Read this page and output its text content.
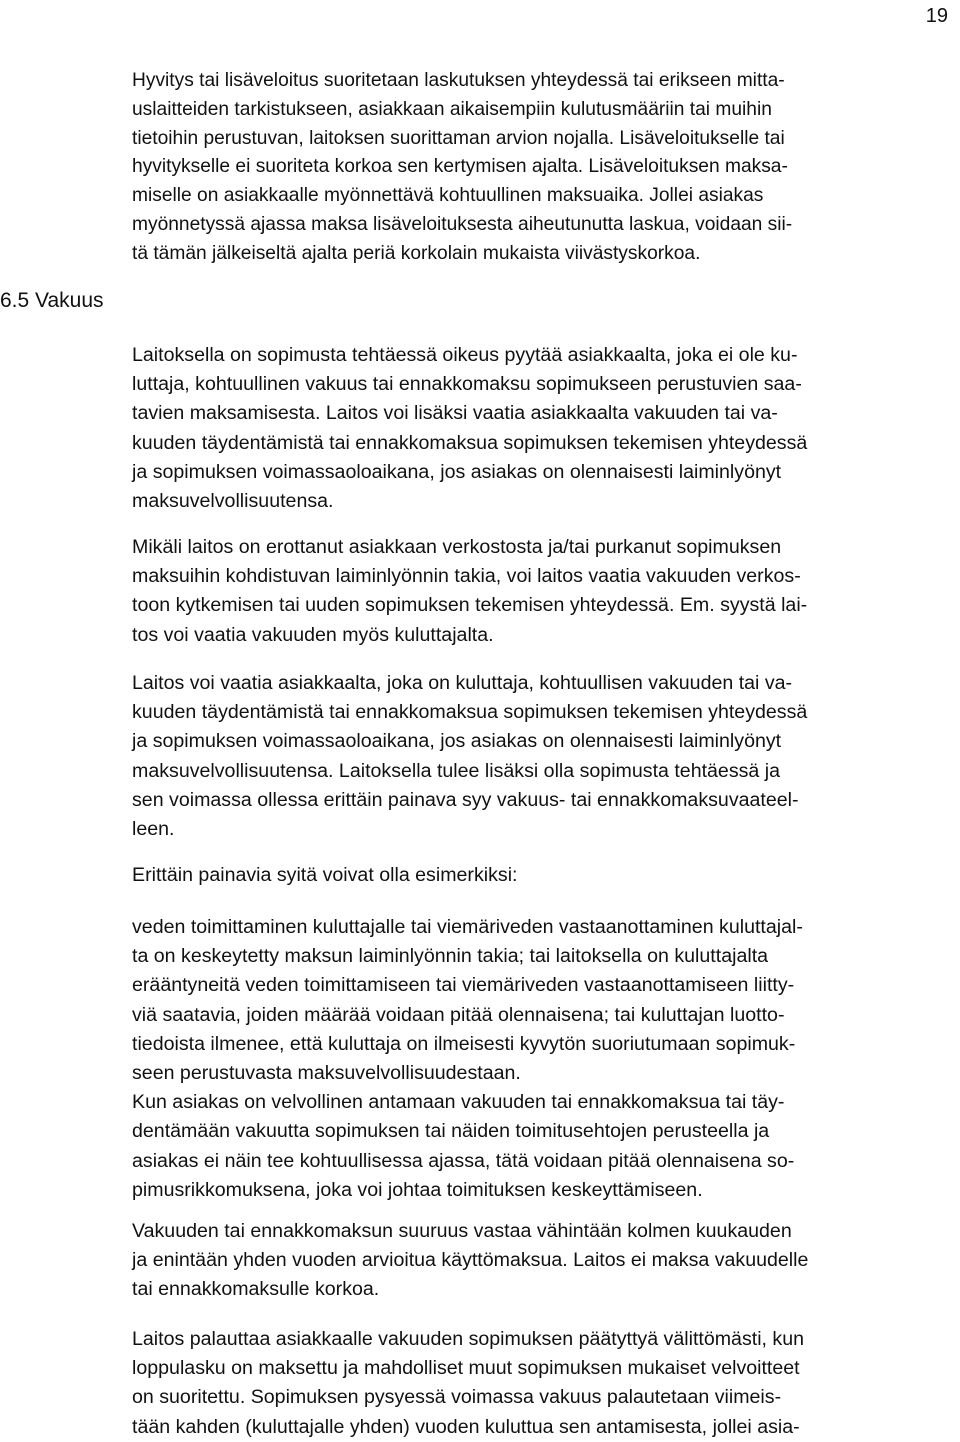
19
6.5 Vakuus
Hyvitys tai lisäveloitus suoritetaan laskutuksen yhteydessä tai erikseen mitta-
uslaitteiden tarkistukseen, asiakkaan aikaisempiin kulutusmääriin tai muihin
tietoihin perustuvan, laitoksen suorittaman arvion nojalla. Lisäveloitukselle tai
hyvitykselle ei suoriteta korkoa sen kertymisen ajalta. Lisäveloituksen maksa-
miselle on asiakkaalle myönnettävä kohtuullinen maksuaika. Jollei asiakas
myönnetyssä ajassa maksa lisäveloituksesta aiheutunutta laskua, voidaan sii-
tä tämän jälkeiseltä ajalta periä korkolain mukaista viivästyskorkoa.
Laitoksella on sopimusta tehtäessä oikeus pyytää asiakkaalta, joka ei ole ku-
luttaja, kohtuullinen vakuus tai ennakkomaksu sopimukseen perustuvien saa-
tavien maksamisesta. Laitos voi lisäksi vaatia asiakkaalta vakuuden tai va-
kuuden täydentämistä tai ennakkomaksua sopimuksen tekemisen yhteydessä
ja sopimuksen voimassaoloaikana, jos asiakas on olennaisesti laiminlyönyt
maksuvelvollisuutensa.
Mikäli laitos on erottanut asiakkaan verkostosta ja/tai purkanut sopimuksen
maksuihin kohdistuvan laiminlyönnin takia, voi laitos vaatia vakuuden verkos-
toon kytkemisen tai uuden sopimuksen tekemisen yhteydessä. Em. syystä lai-
tos voi vaatia vakuuden myös kuluttajalta.
Laitos voi vaatia asiakkaalta, joka on kuluttaja, kohtuullisen vakuuden tai va-
kuuden täydentämistä tai ennakkomaksua sopimuksen tekemisen yhteydessä
ja sopimuksen voimassaoloaikana, jos asiakas on olennaisesti laiminlyönyt
maksuvelvollisuutensa. Laitoksella tulee lisäksi olla sopimusta tehtäessä ja
sen voimassa ollessa erittäin painava syy vakuus- tai ennakkomaksuvaateel-
leen.
Erittäin painavia syitä voivat olla esimerkiksi:
veden toimittaminen kuluttajalle tai viemäriveden vastaanottaminen kuluttajal-
ta on keskeytetty maksun laiminlyönnin takia; tai laitoksella on kuluttajalta
erääntyneitä veden toimittamiseen tai viemäriveden vastaanottamiseen liitty-
viä saatavia, joiden määrää voidaan pitää olennaisena; tai kuluttajan luotto-
tiedoista ilmenee, että kuluttaja on ilmeisesti kyvytön suoriutumaan sopimuk-
seen perustuvasta maksuvelvollisuudestaan.
Kun asiakas on velvollinen antamaan vakuuden tai ennakkomaksua tai täy-
dentämään vakuutta sopimuksen tai näiden toimitusehtojen perusteella ja
asiakas ei näin tee kohtuullisessa ajassa, tätä voidaan pitää olennaisena so-
pimusrikkomuksena, joka voi johtaa toimituksen keskeyttämiseen.
Vakuuden tai ennakkomaksun suuruus vastaa vähintään kolmen kuukauden
ja enintään yhden vuoden arvioitua käyttömaksua. Laitos ei maksa vakuudelle
tai ennakkomaksulle korkoa.
Laitos palauttaa asiakkaalle vakuuden sopimuksen päätyttyä välittömästi, kun
loppulasku on maksettu ja mahdolliset muut sopimuksen mukaiset velvoitteet
on suoritettu. Sopimuksen pysyessä voimassa vakuus palautetaan viimeis-
tään kahden (kuluttajalle yhden) vuoden kuluttua sen antamisesta, jollei asia-
